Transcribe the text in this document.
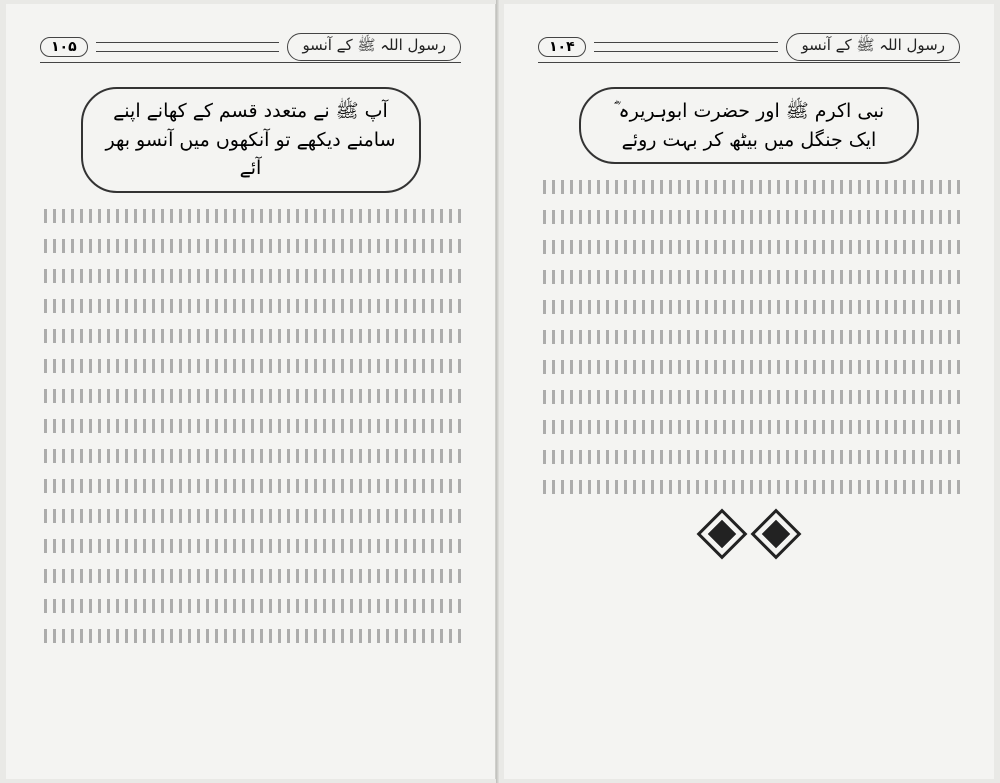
رسول اللہ ﷺ کے آنسو
۱۰۵
آپ ﷺ نے متعدد قسم کے کھانے اپنے سامنے دیکھے تو آنکھوں میں آنسو بھر آئے
رسول اللہ ﷺ کے آنسو
۱۰۴
نبی اکرم ﷺ اور حضرت ابوہریرہ ؓ ایک جنگل میں بیٹھ کر بہت روئے
